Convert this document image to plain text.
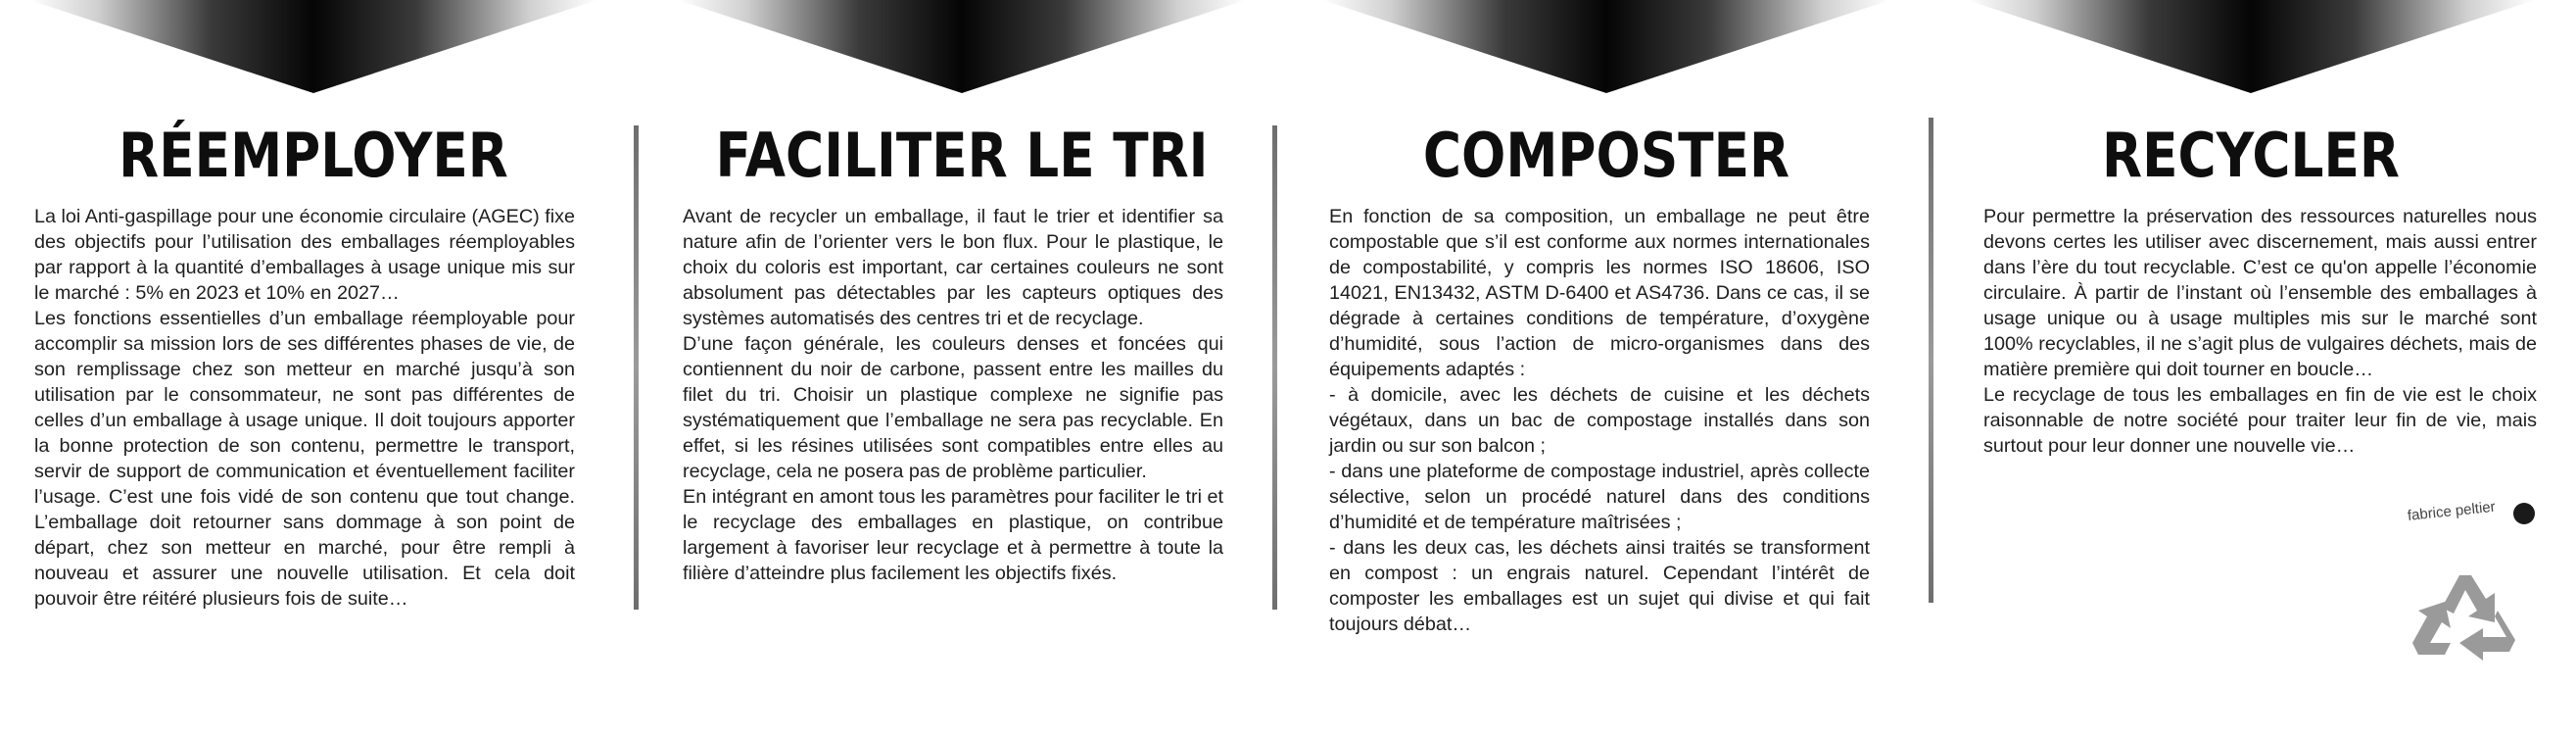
RÉEMPLOYER

La loi Anti-gaspillage pour une économie circulaire (AGEC) fixe des objectifs pour l’utilisation des emballages réemployables par rapport à la quantité d’emballages à usage unique mis sur le marché : 5% en 2023 et 10% en 2027…

Les fonctions essentielles d’un emballage réemployable pour accomplir sa mission lors de ses différentes phases de vie, de son remplissage chez son metteur en marché jusqu’à son utilisation par le consommateur, ne sont pas différentes de celles d’un emballage à usage unique. Il doit toujours apporter la bonne protection de son contenu, permettre le transport, servir de support de communication et éventuellement faciliter l’usage. C’est une fois vidé de son contenu que tout change. L’emballage doit retourner sans dommage à son point de départ, chez son metteur en marché, pour être rempli à nouveau et assurer une nouvelle utilisation. Et cela doit pouvoir être réitéré plusieurs fois de suite…

FACILITER LE TRI

Avant de recycler un emballage, il faut le trier et identifier sa nature afin de l’orienter vers le bon flux. Pour le plastique, le choix du coloris est important, car certaines couleurs ne sont absolument pas détectables par les capteurs optiques des systèmes automatisés des centres tri et de recyclage.

D’une façon générale, les couleurs denses et foncées qui contiennent du noir de carbone, passent entre les mailles du filet du tri. Choisir un plastique complexe ne signifie pas systématiquement que l’emballage ne sera pas recyclable. En effet, si les résines utilisées sont compatibles entre elles au recyclage, cela ne posera pas de problème particulier.

En intégrant en amont tous les paramètres pour faciliter le tri et le recyclage des emballages en plastique, on contribue largement à favoriser leur recyclage et à permettre à toute la filière d’atteindre plus facilement les objectifs fixés.

COMPOSTER

En fonction de sa composition, un emballage ne peut être compostable que s’il est conforme aux normes internationales de compostabilité, y compris les normes ISO 18606, ISO 14021, EN13432, ASTM D-6400 et AS4736. Dans ce cas, il se dégrade à certaines conditions de température, d’oxygène d’humidité, sous l’action de micro-organismes dans des équipements adaptés :

- à domicile, avec les déchets de cuisine et les déchets végétaux, dans un bac de compostage installés dans son jardin ou sur son balcon ;

- dans une plateforme de compostage industriel, après collecte sélective, selon un procédé naturel dans des conditions d’humidité et de température maîtrisées ;

- dans les deux cas, les déchets ainsi traités se transforment en compost : un engrais naturel. Cependant l’intérêt de composter les emballages est un sujet qui divise et qui fait toujours débat…

RECYCLER

Pour permettre la préservation des ressources naturelles nous devons certes les utiliser avec discernement, mais aussi entrer dans l’ère du tout recyclable. C’est ce qu'on appelle l’économie circulaire. À partir de l’instant où l’ensemble des emballages à usage unique ou à usage multiples mis sur le marché sont 100% recyclables, il ne s’agit plus de vulgaires déchets, mais de matière première qui doit tourner en boucle…

Le recyclage de tous les emballages en fin de vie est le choix raisonnable de notre société pour traiter leur fin de vie, mais surtout pour leur donner une nouvelle vie…

fabrice peltier
